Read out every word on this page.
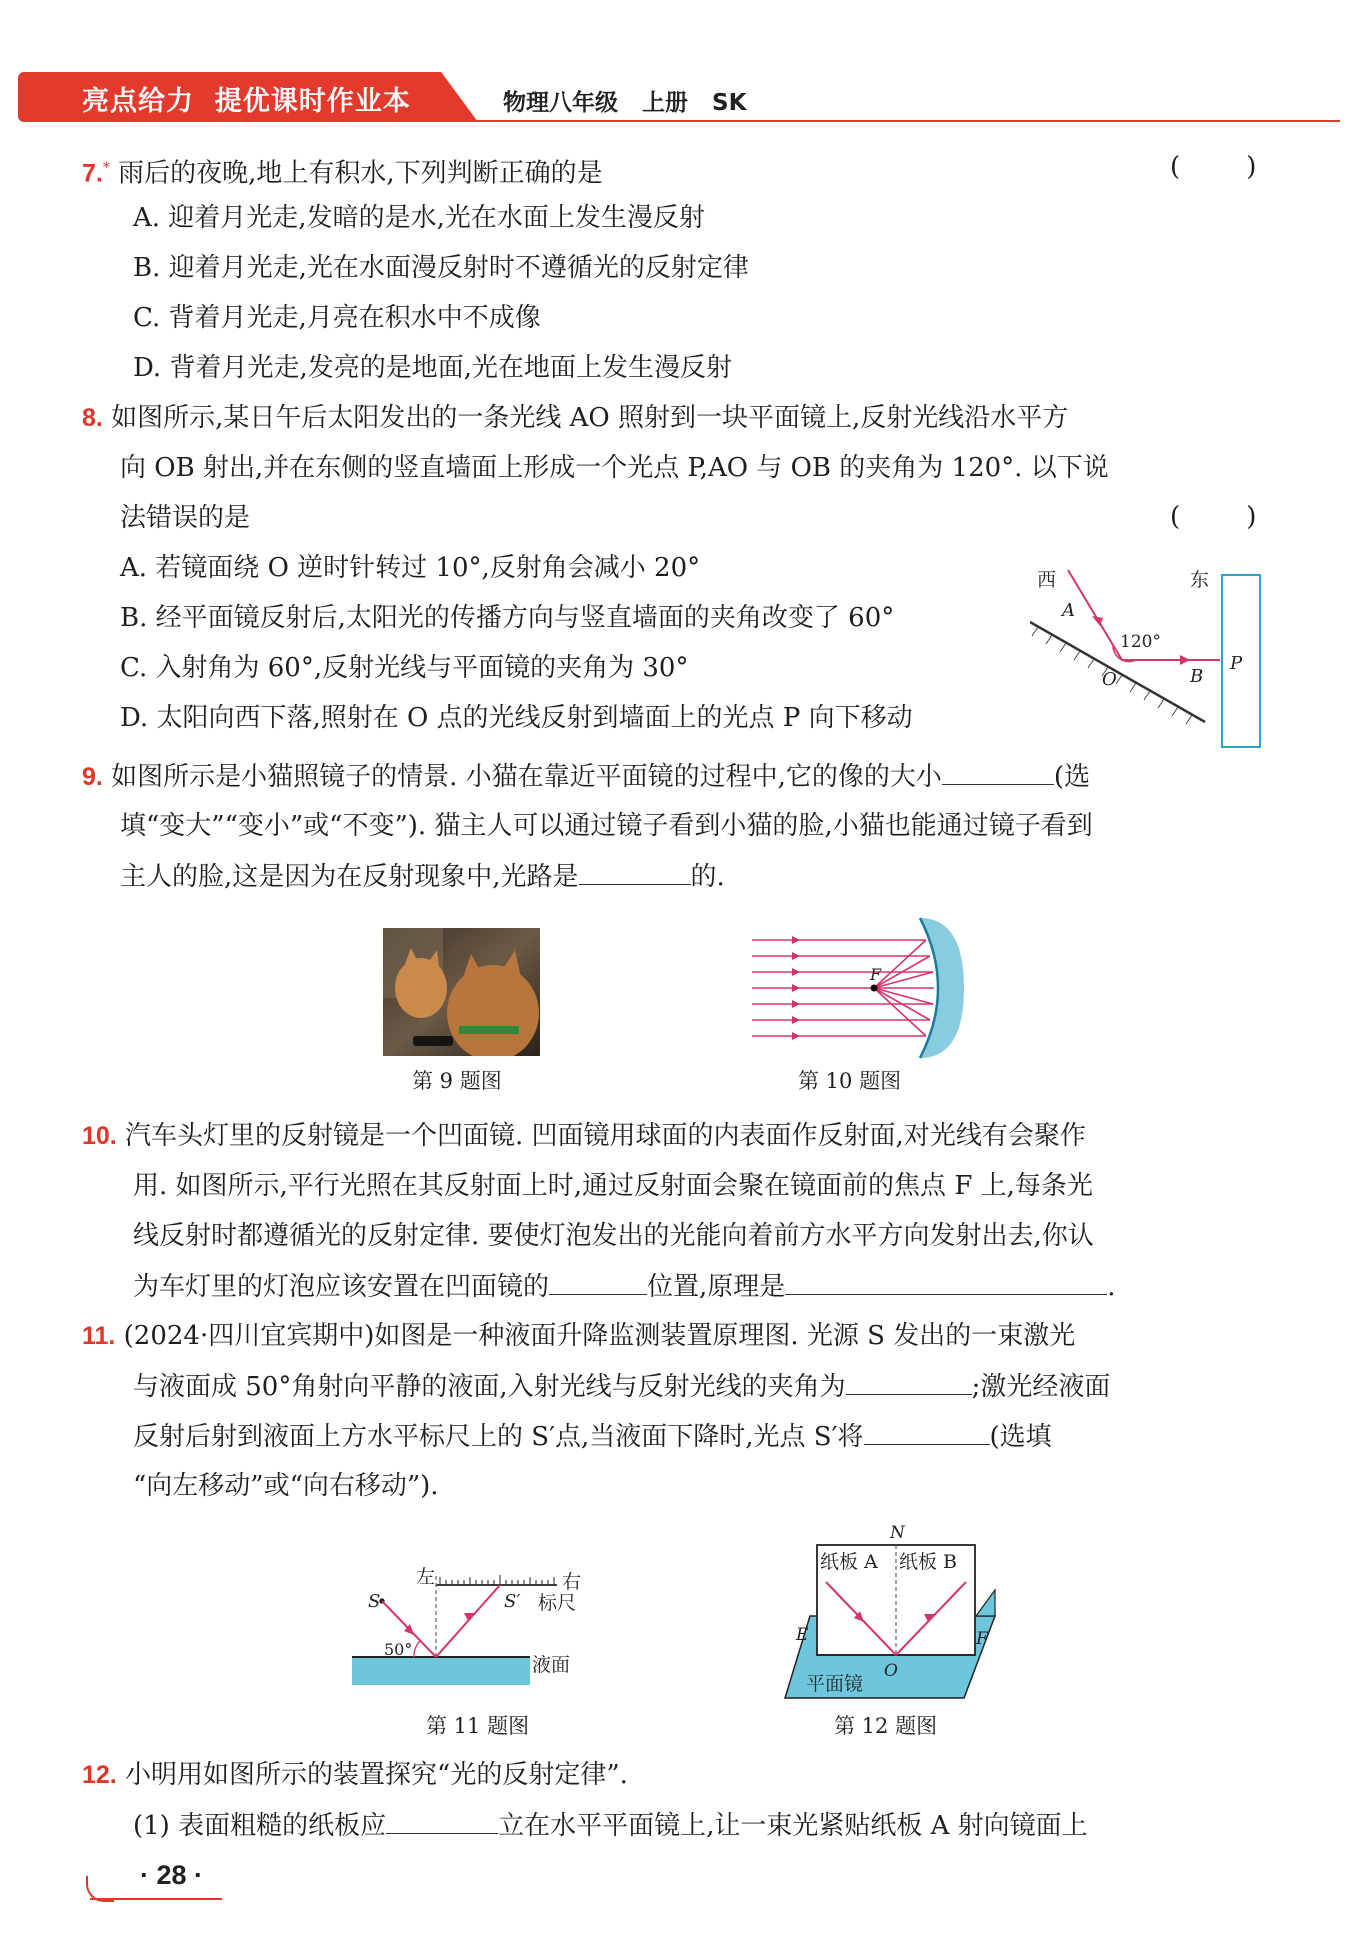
亮点给力  提优课时作业本	物理八年级   上册   SK
7.* 雨后的夜晚,地上有积水,下列判断正确的是	(        )
A. 迎着月光走,发暗的是水,光在水面上发生漫反射
B. 迎着月光走,光在水面漫反射时不遵循光的反射定律
C. 背着月光走,月亮在积水中不成像
D. 背着月光走,发亮的是地面,光在地面上发生漫反射
8. 如图所示,某日午后太阳发出的一条光线 AO 照射到一块平面镜上,反射光线沿水平方
向 OB 射出,并在东侧的竖直墙面上形成一个光点 P,AO 与 OB 的夹角为 120°. 以下说
法错误的是	(        )
A. 若镜面绕 O 逆时针转过 10°,反射角会减小 20°
B. 经平面镜反射后,太阳光的传播方向与竖直墙面的夹角改变了 60°
C. 入射角为 60°,反射光线与平面镜的夹角为 30°
D. 太阳向西下落,照射在 O 点的光线反射到墙面上的光点 P 向下移动
西	东
A
O	B
P
120°
9. 如图所示是小猫照镜子的情景. 小猫在靠近平面镜的过程中,它的像的大小	(选
填“变大”“变小”或“不变”). 猫主人可以通过镜子看到小猫的脸,小猫也能通过镜子看到
主人的脸,这是因为在反射现象中,光路是	的.
第 9 题图
F
第 10 题图
10. 汽车头灯里的反射镜是一个凹面镜. 凹面镜用球面的内表面作反射面,对光线有会聚作
用. 如图所示,平行光照在其反射面上时,通过反射面会聚在镜面前的焦点 F 上,每条光
线反射时都遵循光的反射定律. 要使灯泡发出的光能向着前方水平方向发射出去,你认
为车灯里的灯泡应该安置在凹面镜的	位置,原理是	.
11. (2024·四川宜宾期中)如图是一种液面升降监测装置原理图. 光源 S 发出的一束激光
与液面成 50°角射向平静的液面,入射光线与反射光线的夹角为	;激光经液面
反射后射到液面上方水平标尺上的 S′点,当液面下降时,光点 S′将	(选填
“向左移动”或“向右移动”).
S
左	右
S′ 标尺
50°
液面
第 11 题图
N
纸板 A 纸板 B
E	F
O
平面镜
第 12 题图
12. 小明用如图所示的装置探究“光的反射定律”.
(1) 表面粗糙的纸板应	立在水平平面镜上,让一束光紧贴纸板 A 射向镜面上
· 28 ·
